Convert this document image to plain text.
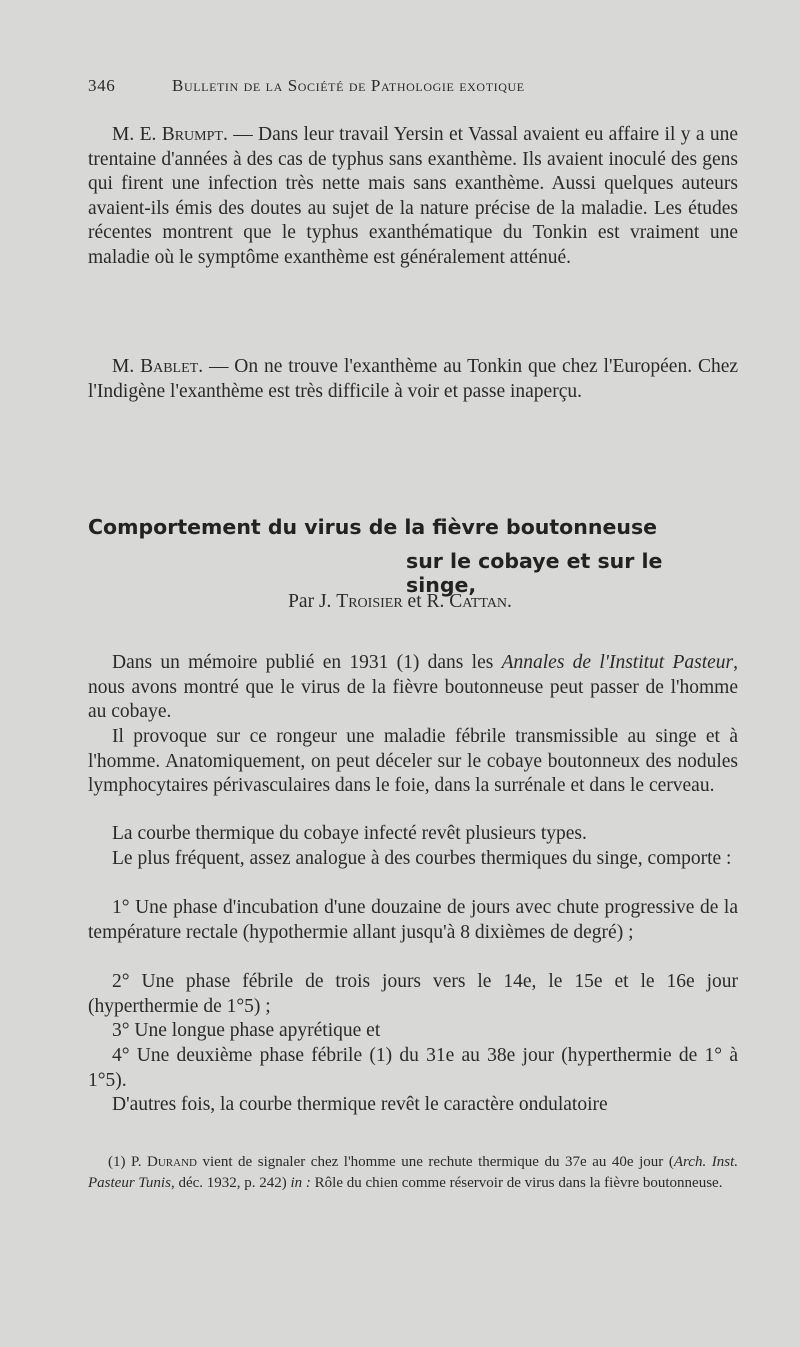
346	Bulletin de la Société de Pathologie exotique

M. E. Brumpt. — Dans leur travail Yersin et Vassal avaient eu affaire il y a une trentaine d'années à des cas de typhus sans exanthème. Ils avaient inoculé des gens qui firent une infection très nette mais sans exanthème. Aussi quelques auteurs avaient-ils émis des doutes au sujet de la nature précise de la maladie. Les études récentes montrent que le typhus exanthématique du Tonkin est vraiment une maladie où le symptôme exanthème est généralement atténué.

M. Bablet. — On ne trouve l'exanthème au Tonkin que chez l'Européen. Chez l'Indigène l'exanthème est très difficile à voir et passe inaperçu.

Comportement du virus de la fièvre boutonneuse
sur le cobaye et sur le singe,
Par J. Troisier et R. Cattan.

Dans un mémoire publié en 1931 (1) dans les Annales de l'Institut Pasteur, nous avons montré que le virus de la fièvre boutonneuse peut passer de l'homme au cobaye.

Il provoque sur ce rongeur une maladie fébrile transmissible au singe et à l'homme. Anatomiquement, on peut déceler sur le cobaye boutonneux des nodules lymphocytaires périvasculaires dans le foie, dans la surrénale et dans le cerveau.

La courbe thermique du cobaye infecté revêt plusieurs types.

Le plus fréquent, assez analogue à des courbes thermiques du singe, comporte :

1° Une phase d'incubation d'une douzaine de jours avec chute progressive de la température rectale (hypothermie allant jusqu'à 8 dixièmes de degré) ;

2° Une phase fébrile de trois jours vers le 14e, le 15e et le 16e jour (hyperthermie de 1°5) ;

3° Une longue phase apyrétique et

4° Une deuxième phase fébrile (1) du 31e au 38e jour (hyperthermie de 1° à 1°5).

D'autres fois, la courbe thermique revêt le caractère ondulatoire

(1) P. Durand vient de signaler chez l'homme une rechute thermique du 37e au 40e jour (Arch. Inst. Pasteur Tunis, déc. 1932, p. 242) in : Rôle du chien comme réservoir de virus dans la fièvre boutonneuse.
